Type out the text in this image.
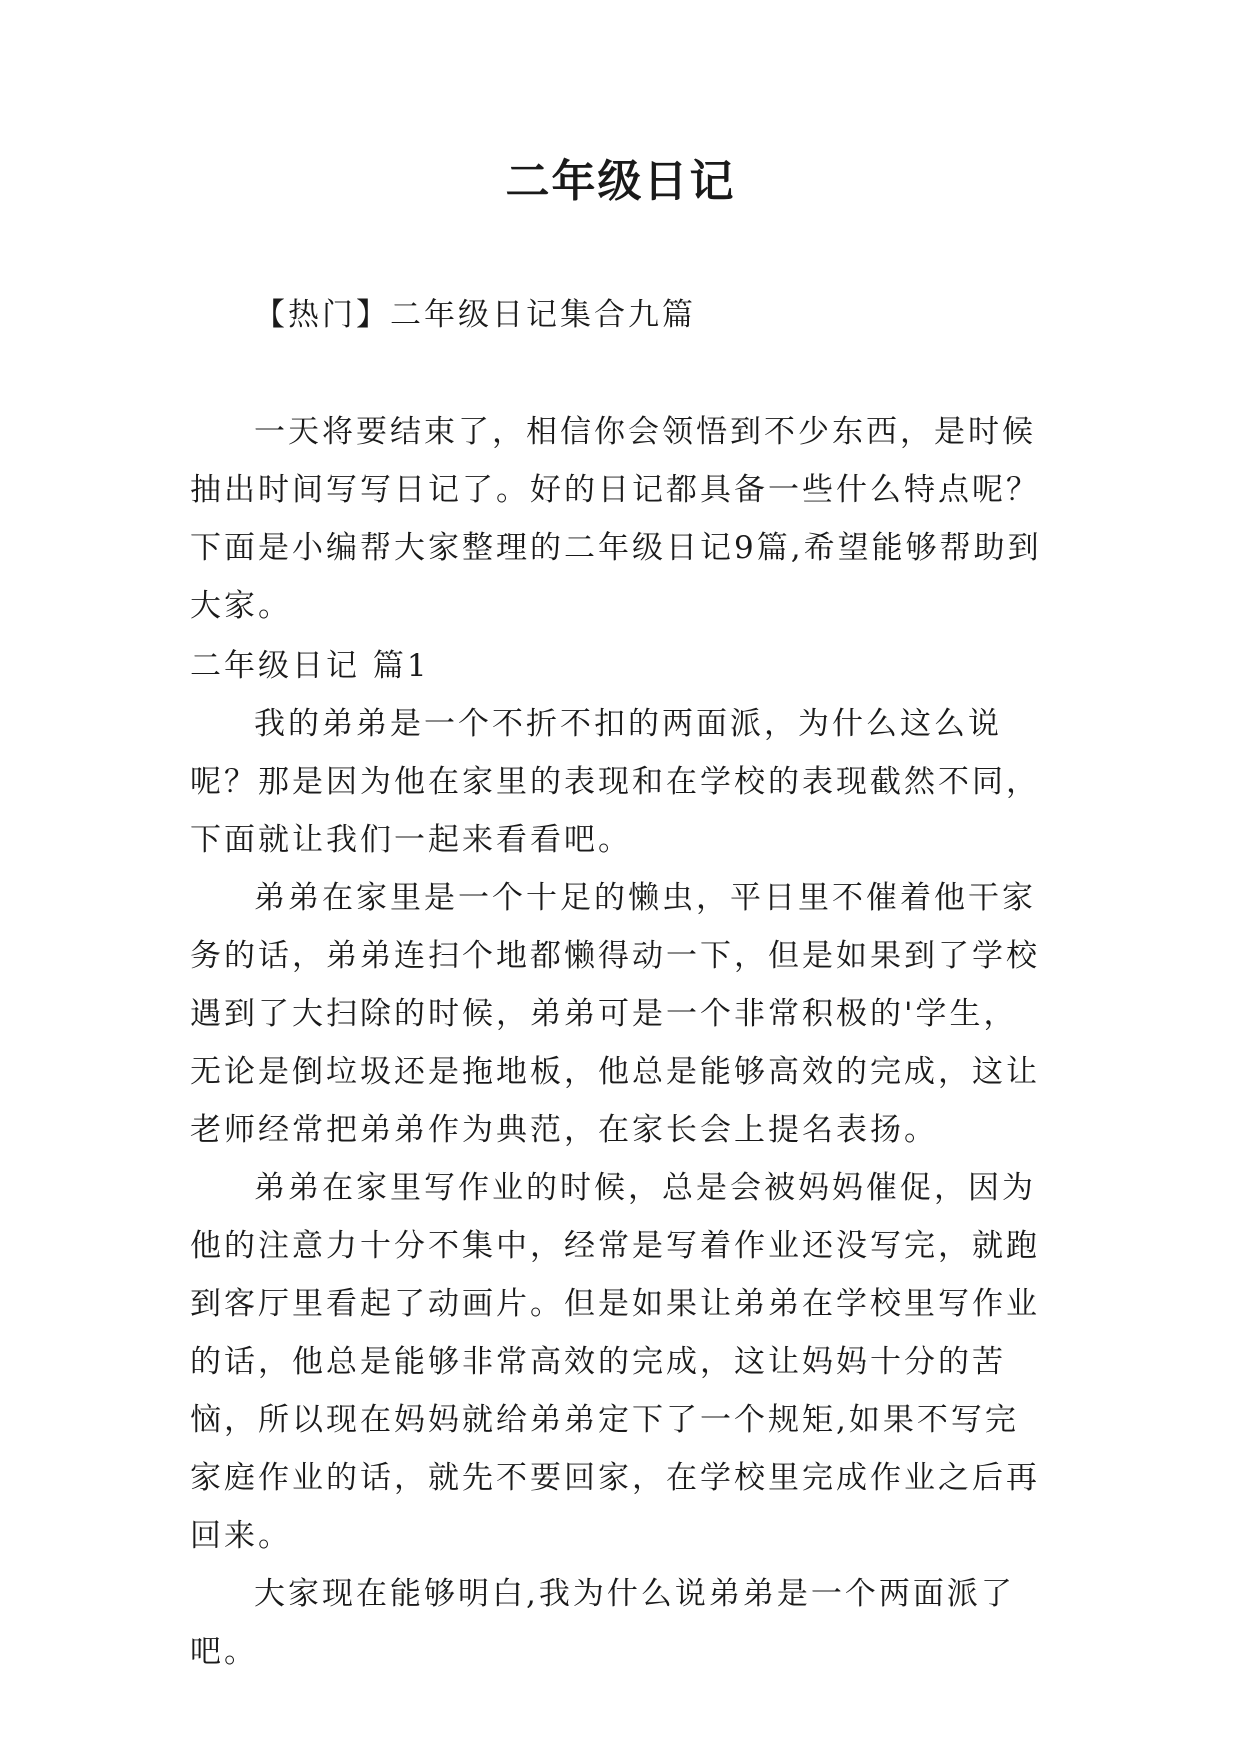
二年级日记

【热门】二年级日记集合九篇

一天将要结束了，相信你会领悟到不少东西，是时候抽出时间写写日记了。好的日记都具备一些什么特点呢？下面是小编帮大家整理的二年级日记9篇,希望能够帮助到大家。

二年级日记 篇1

我的弟弟是一个不折不扣的两面派，为什么这么说呢？那是因为他在家里的表现和在学校的表现截然不同，下面就让我们一起来看看吧。

弟弟在家里是一个十足的懒虫，平日里不催着他干家务的话，弟弟连扫个地都懒得动一下，但是如果到了学校遇到了大扫除的时候，弟弟可是一个非常积极的'学生，无论是倒垃圾还是拖地板，他总是能够高效的完成，这让老师经常把弟弟作为典范，在家长会上提名表扬。

弟弟在家里写作业的时候，总是会被妈妈催促，因为他的注意力十分不集中，经常是写着作业还没写完，就跑到客厅里看起了动画片。但是如果让弟弟在学校里写作业的话，他总是能够非常高效的完成，这让妈妈十分的苦恼，所以现在妈妈就给弟弟定下了一个规矩,如果不写完家庭作业的话，就先不要回家，在学校里完成作业之后再回来。

大家现在能够明白,我为什么说弟弟是一个两面派了吧。
